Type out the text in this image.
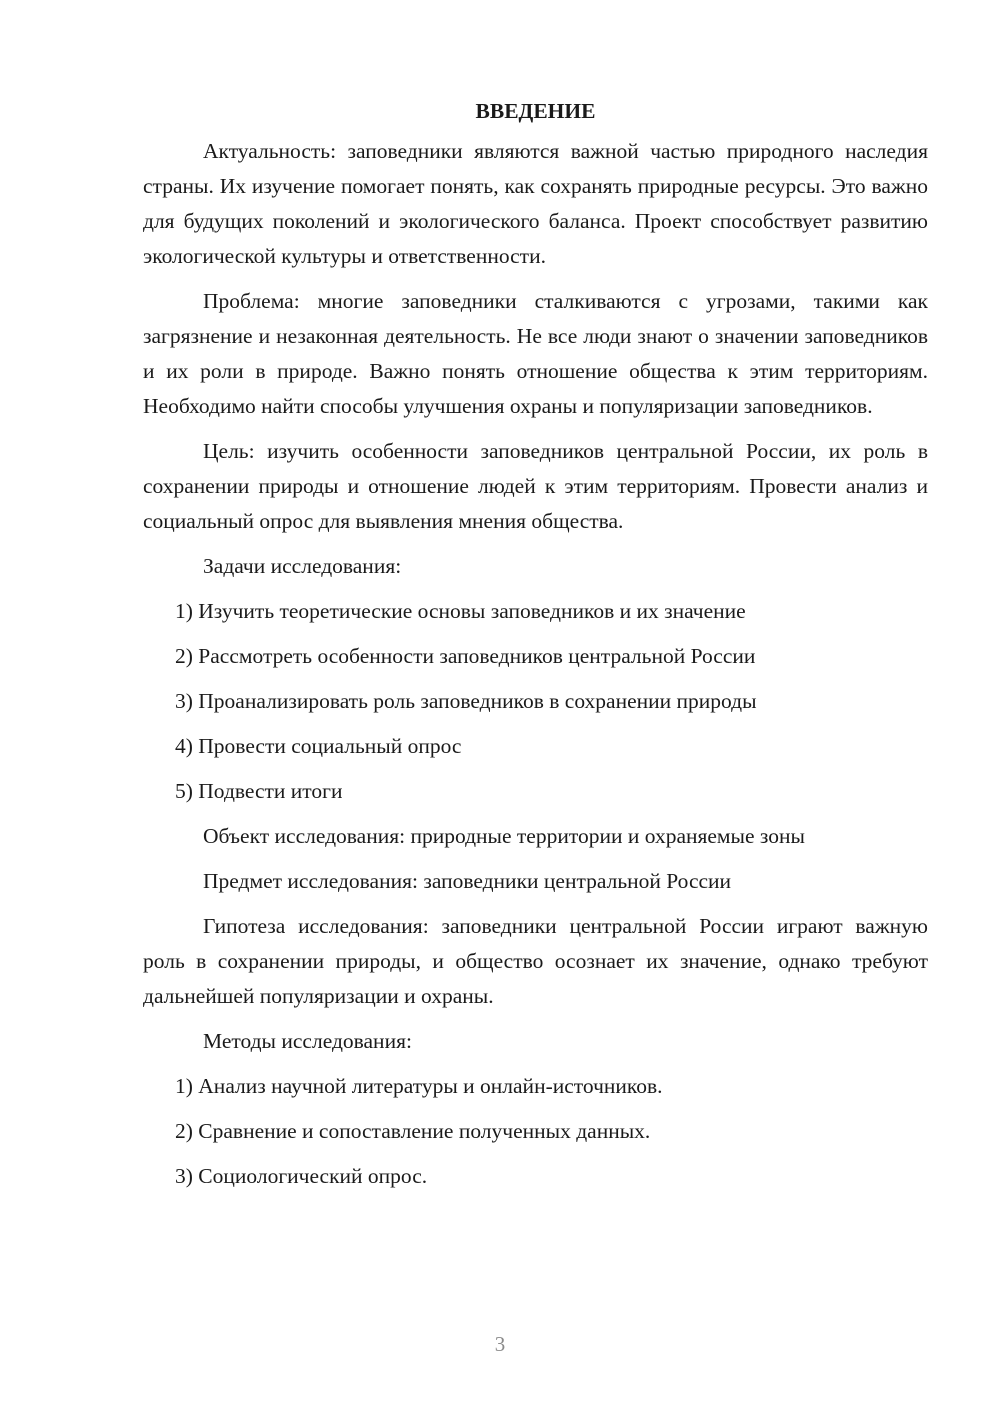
ВВЕДЕНИЕ

Актуальность: заповедники являются важной частью природного наследия страны. Их изучение помогает понять, как сохранять природные ресурсы. Это важно для будущих поколений и экологического баланса. Проект способствует развитию экологической культуры и ответственности.

Проблема: многие заповедники сталкиваются с угрозами, такими как загрязнение и незаконная деятельность. Не все люди знают о значении заповедников и их роли в природе. Важно понять отношение общества к этим территориям. Необходимо найти способы улучшения охраны и популяризации заповедников.

Цель: изучить особенности заповедников центральной России, их роль в сохранении природы и отношение людей к этим территориям. Провести анализ и социальный опрос для выявления мнения общества.

Задачи исследования:
1) Изучить теоретические основы заповедников и их значение
2) Рассмотреть особенности заповедников центральной России
3) Проанализировать роль заповедников в сохранении природы
4) Провести социальный опрос
5) Подвести итоги
Объект исследования: природные территории и охраняемые зоны
Предмет исследования: заповедники центральной России

Гипотеза исследования: заповедники центральной России играют важную роль в сохранении природы, и общество осознает их значение, однако требуют дальнейшей популяризации и охраны.

Методы исследования:
1) Анализ научной литературы и онлайн-источников.
2) Сравнение и сопоставление полученных данных.
3) Социологический опрос.
3
